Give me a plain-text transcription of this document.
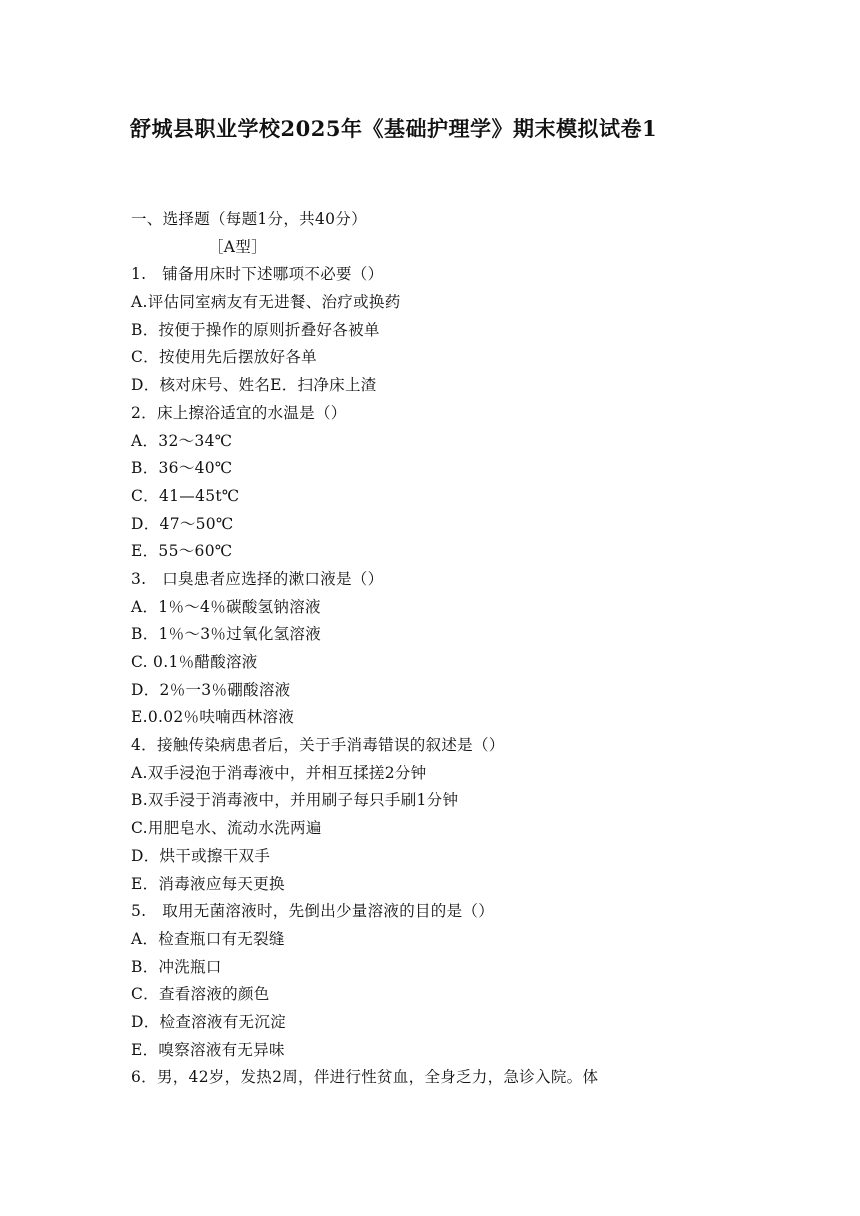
舒城县职业学校2025年《基础护理学》期末模拟试卷1
一、选择题（每题1分，共40分）
［A型］
1.　铺备用床时下述哪项不必要（）
A.评估同室病友有无进餐、治疗或换药
B．按便于操作的原则折叠好各被单
C．按使用先后摆放好各单
D．核对床号、姓名E．扫净床上渣
2．床上擦浴适宜的水温是（）
A．32～34℃
B．36～40℃
C．41—45t℃
D．47～50℃
E．55～60℃
3.　口臭患者应选择的漱口液是（）
A．1％～4％碳酸氢钠溶液
B．1％～3％过氧化氢溶液
C. 0.1％醋酸溶液
D．2％一3％硼酸溶液
E.0.02％呋喃西林溶液
4．接触传染病患者后，关于手消毒错误的叙述是（）
A.双手浸泡于消毒液中，并相互揉搓2分钟
B.双手浸于消毒液中，并用刷子每只手刷1分钟
C.用肥皂水、流动水洗两遍
D．烘干或擦干双手
E．消毒液应每天更换
5.　取用无菌溶液时，先倒出少量溶液的目的是（）
A．检查瓶口有无裂缝
B．冲洗瓶口
C．查看溶液的颜色
D．检查溶液有无沉淀
E．嗅察溶液有无异味
6．男，42岁，发热2周，伴进行性贫血，全身乏力，急诊入院。体
